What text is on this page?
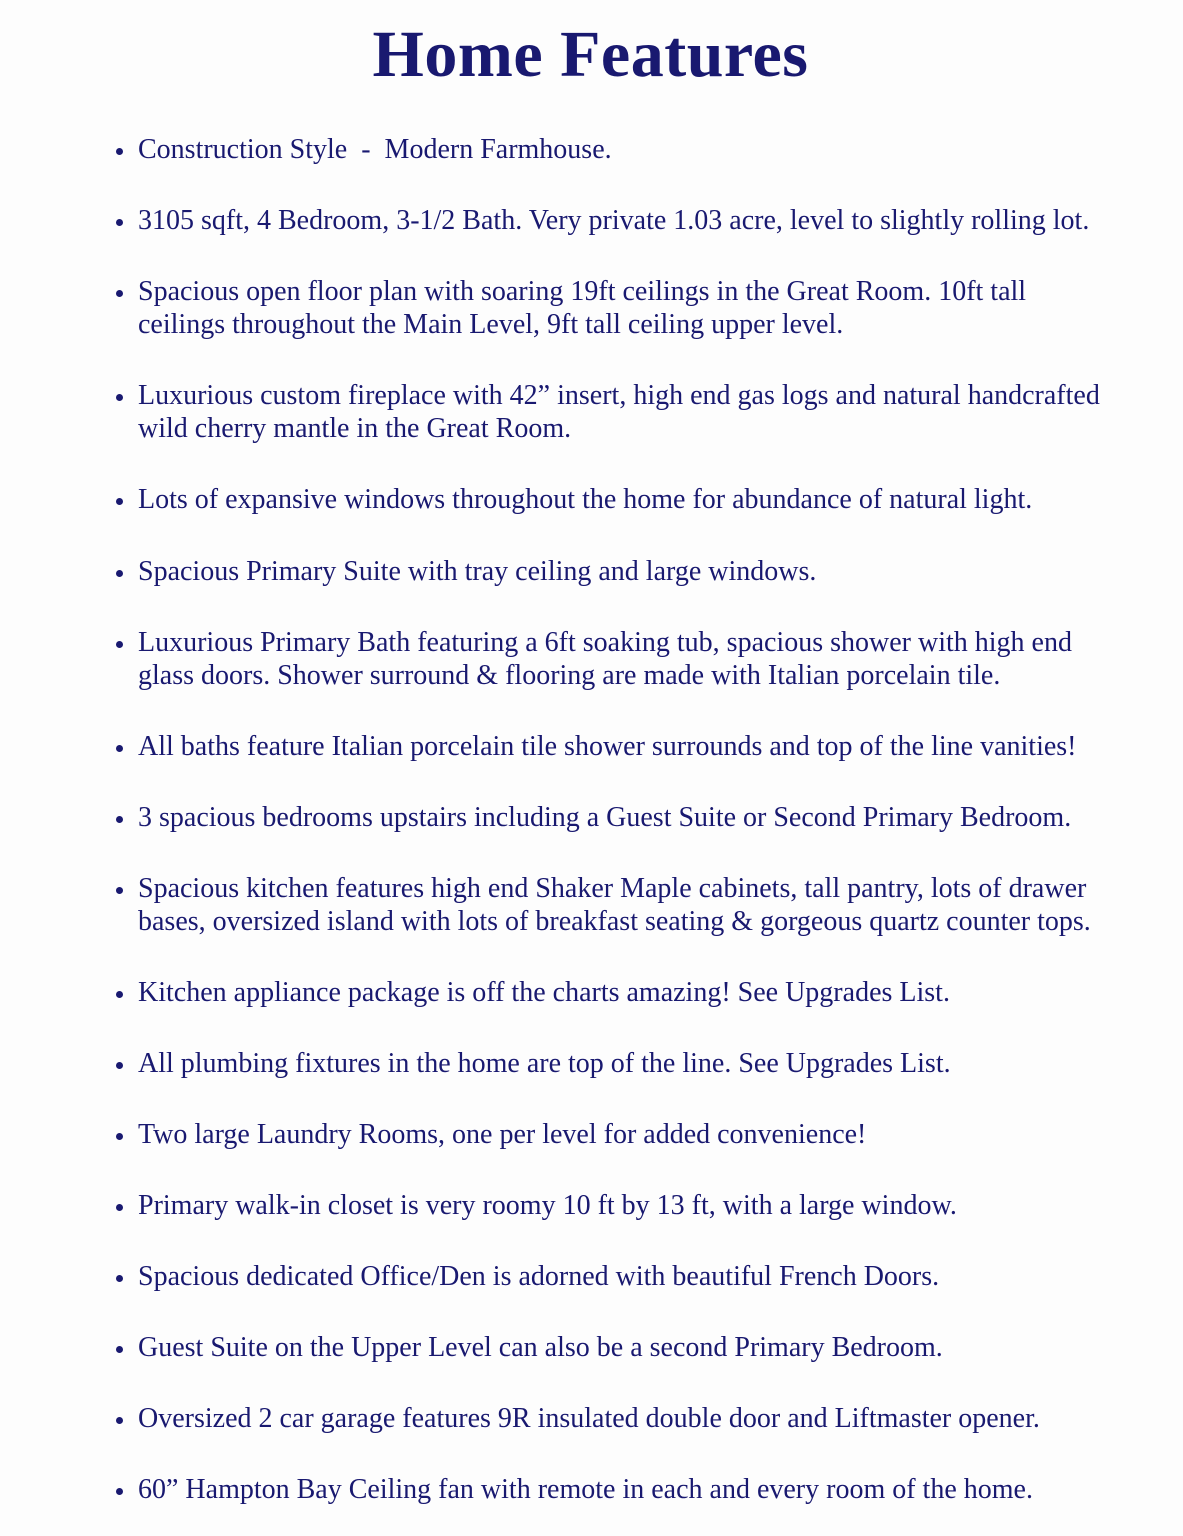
Home Features
• Construction Style  -  Modern Farmhouse.
• 3105 sqft, 4 Bedroom, 3-1/2 Bath. Very private 1.03 acre, level to slightly rolling lot.
• Spacious open floor plan with soaring 19ft ceilings in the Great Room. 10ft tall ceilings throughout the Main Level, 9ft tall ceiling upper level.
• Luxurious custom fireplace with 42” insert, high end gas logs and natural handcrafted wild cherry mantle in the Great Room.
• Lots of expansive windows throughout the home for abundance of natural light.
• Spacious Primary Suite with tray ceiling and large windows.
• Luxurious Primary Bath featuring a 6ft soaking tub, spacious shower with high end glass doors. Shower surround & flooring are made with Italian porcelain tile.
• All baths feature Italian porcelain tile shower surrounds and top of the line vanities!
• 3 spacious bedrooms upstairs including a Guest Suite or Second Primary Bedroom.
• Spacious kitchen features high end Shaker Maple cabinets, tall pantry, lots of drawer bases, oversized island with lots of breakfast seating & gorgeous quartz counter tops.
• Kitchen appliance package is off the charts amazing! See Upgrades List.
• All plumbing fixtures in the home are top of the line. See Upgrades List.
• Two large Laundry Rooms, one per level for added convenience!
• Primary walk-in closet is very roomy 10 ft by 13 ft, with a large window.
• Spacious dedicated Office/Den is adorned with beautiful French Doors.
• Guest Suite on the Upper Level can also be a second Primary Bedroom.
• Oversized 2 car garage features 9R insulated double door and Liftmaster opener.
• 60” Hampton Bay Ceiling fan with remote in each and every room of the home.
